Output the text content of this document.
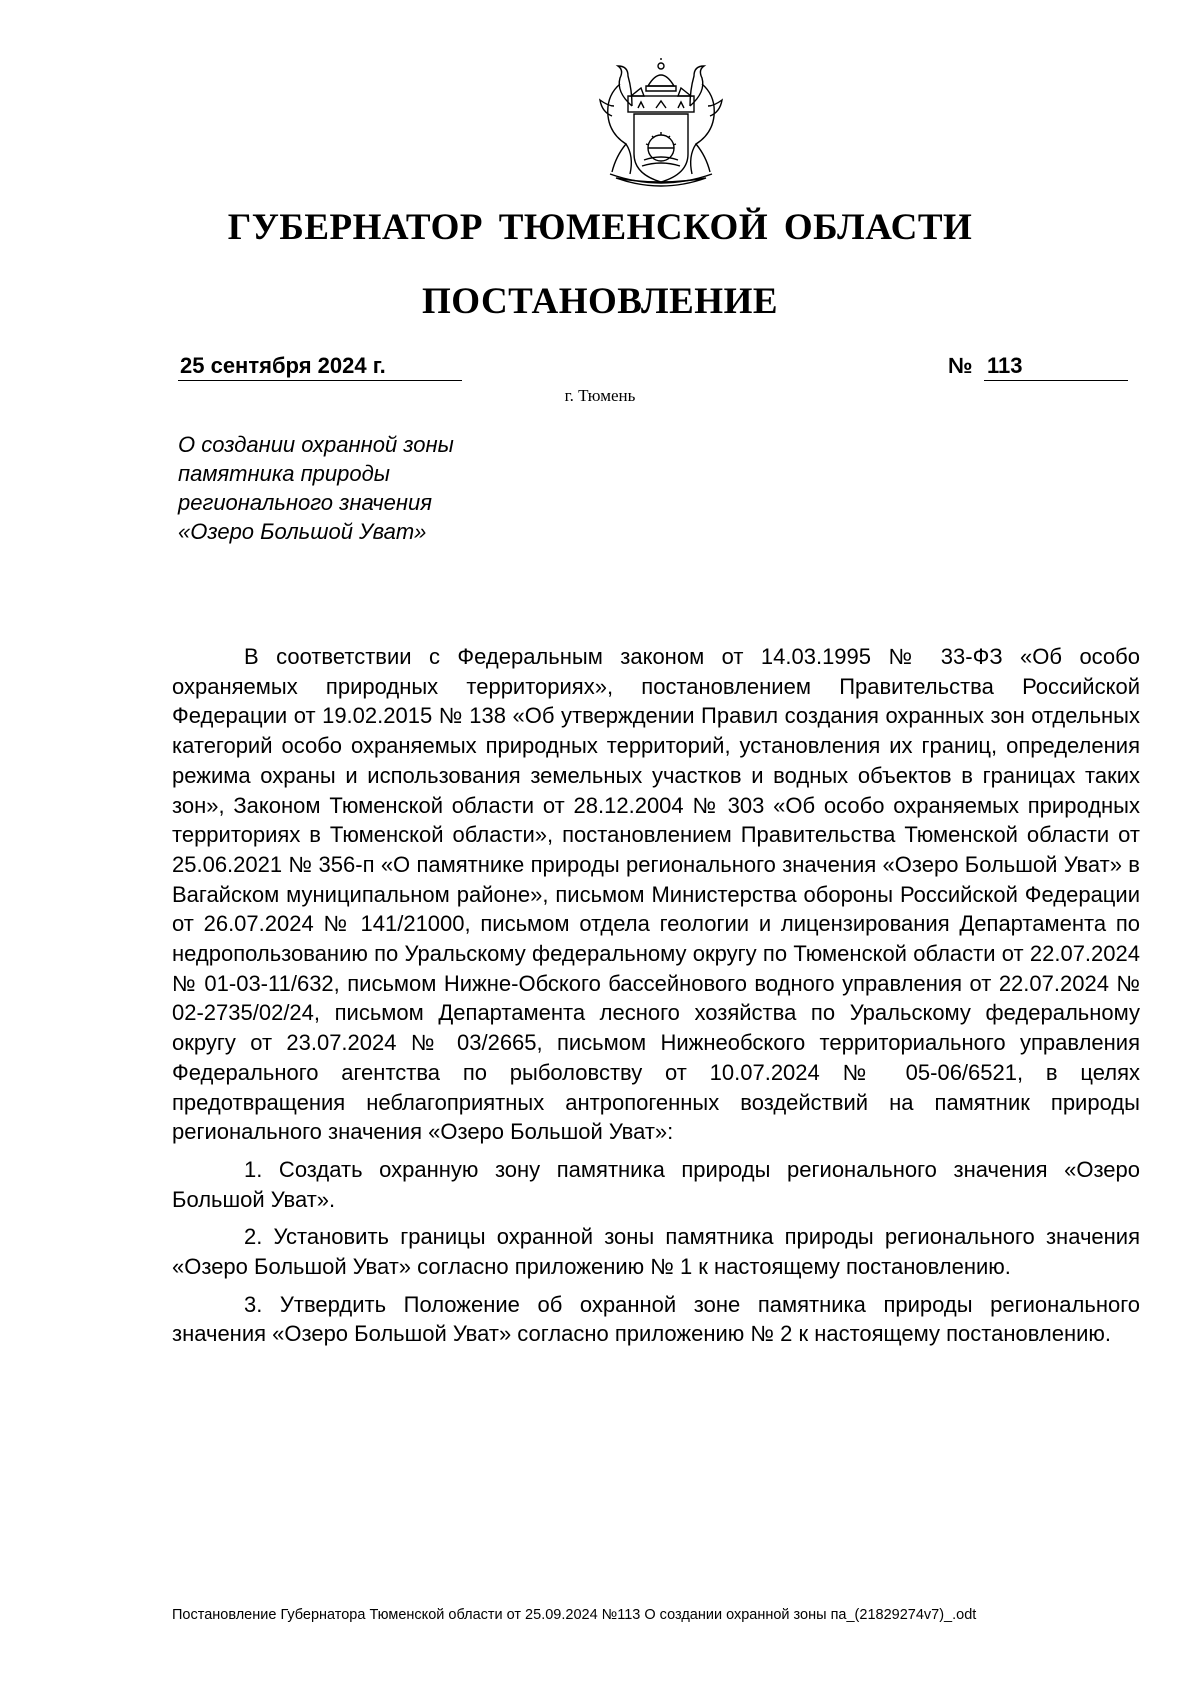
ГУБЕРНАТОР ТЮМЕНСКОЙ ОБЛАСТИ
ПОСТАНОВЛЕНИЕ
25 сентября 2024 г.	№ 113
г. Тюмень
О создании охранной зоны
памятника природы
регионального значения
«Озеро Большой Уват»

В соответствии с Федеральным законом от 14.03.1995 № 33-ФЗ «Об особо охраняемых природных территориях», постановлением Правительства Российской Федерации от 19.02.2015 № 138 «Об утверждении Правил создания охранных зон отдельных категорий особо охраняемых природных территорий, установления их границ, определения режима охраны и использования земельных участков и водных объектов в границах таких зон», Законом Тюменской области от 28.12.2004 № 303 «Об особо охраняемых природных территориях в Тюменской области», постановлением Правительства Тюменской области от 25.06.2021 № 356-п «О памятнике природы регионального значения «Озеро Большой Уват» в Вагайском муниципальном районе», письмом Министерства обороны Российской Федерации от 26.07.2024 № 141/21000, письмом отдела геологии и лицензирования Департамента по недропользованию по Уральскому федеральному округу по Тюменской области от 22.07.2024 № 01-03-11/632, письмом Нижне-Обского бассейнового водного управления от 22.07.2024 № 02-2735/02/24, письмом Департамента лесного хозяйства по Уральскому федеральному округу от 23.07.2024 № 03/2665, письмом Нижнеобского территориального управления Федерального агентства по рыболовству от 10.07.2024 № 05-06/6521, в целях предотвращения неблагоприятных антропогенных воздействий на памятник природы регионального значения «Озеро Большой Уват»:

1. Создать охранную зону памятника природы регионального значения «Озеро Большой Уват».

2. Установить границы охранной зоны памятника природы регионального значения «Озеро Большой Уват» согласно приложению № 1 к настоящему постановлению.

3. Утвердить Положение об охранной зоне памятника природы регионального значения «Озеро Большой Уват» согласно приложению № 2 к настоящему постановлению.

Постановление Губернатора Тюменской области от 25.09.2024 №113 О создании охранной зоны па_(21829274v7)_.odt
